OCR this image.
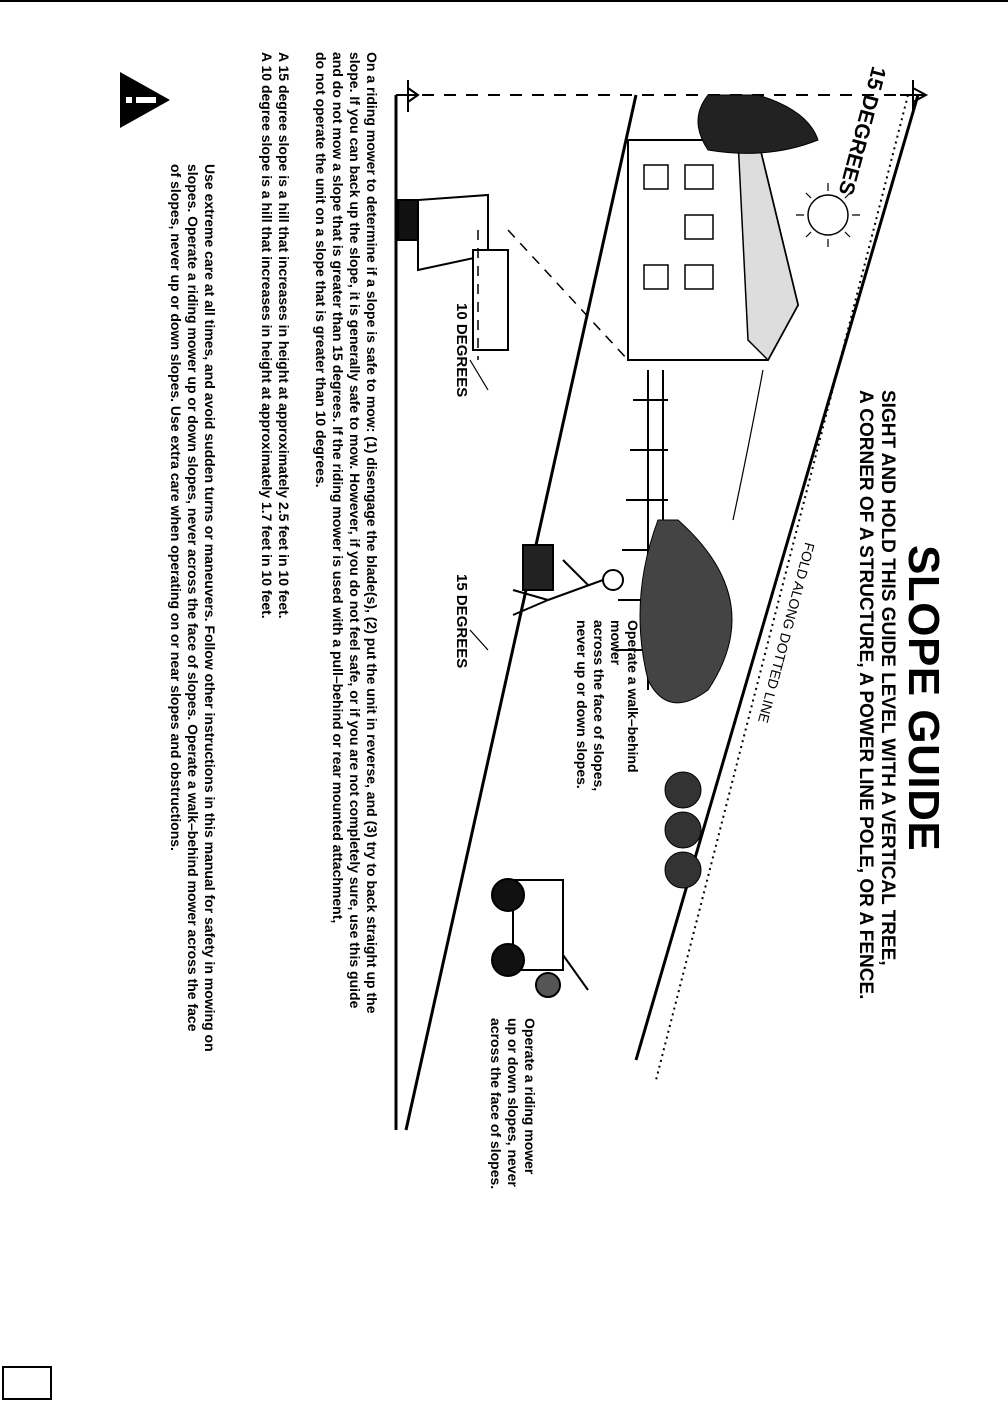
SLOPE GUIDE
SIGHT AND HOLD THIS GUIDE LEVEL WITH A VERTICAL TREE,
A CORNER OF A STRUCTURE, A POWER LINE POLE, OR A FENCE.
FOLD ALONG DOTTED LINE
15 DEGREES
Operate a walk–behind mower
across the face of slopes,
never up or down slopes.
Operate a riding mower
up or down slopes, never
across the face of slopes.
10 DEGREES
15 DEGREES
On a riding mower to determine if a slope is safe to mow: (1) disengage the blade(s), (2) put the unit in reverse, and (3) try to back straight up the
slope. If you can back up the slope, it is generally safe to mow. However, if you do not feel safe, or if you are not completely sure, use this guide
and do not mow a slope that is greater than 15 degrees. If the riding mower is used with a pull–behind or rear mounted attachment,
do not operate the unit on a slope that is greater than 10 degrees.
A 15 degree slope is a hill that increases in height at approximately 2.5 feet in 10 feet.
A 10 degree slope is a hill that increases in height at approximately 1.7 feet in 10 feet.
Use extreme care at all times, and avoid sudden turns or maneuvers. Follow other instructions in this manual for safety in mowing on
slopes. Operate a riding mower up or down slopes, never across the face of slopes. Operate a walk–behind mower across the face
of slopes, never up or down slopes. Use extra care when operating on or near slopes and obstructions.
